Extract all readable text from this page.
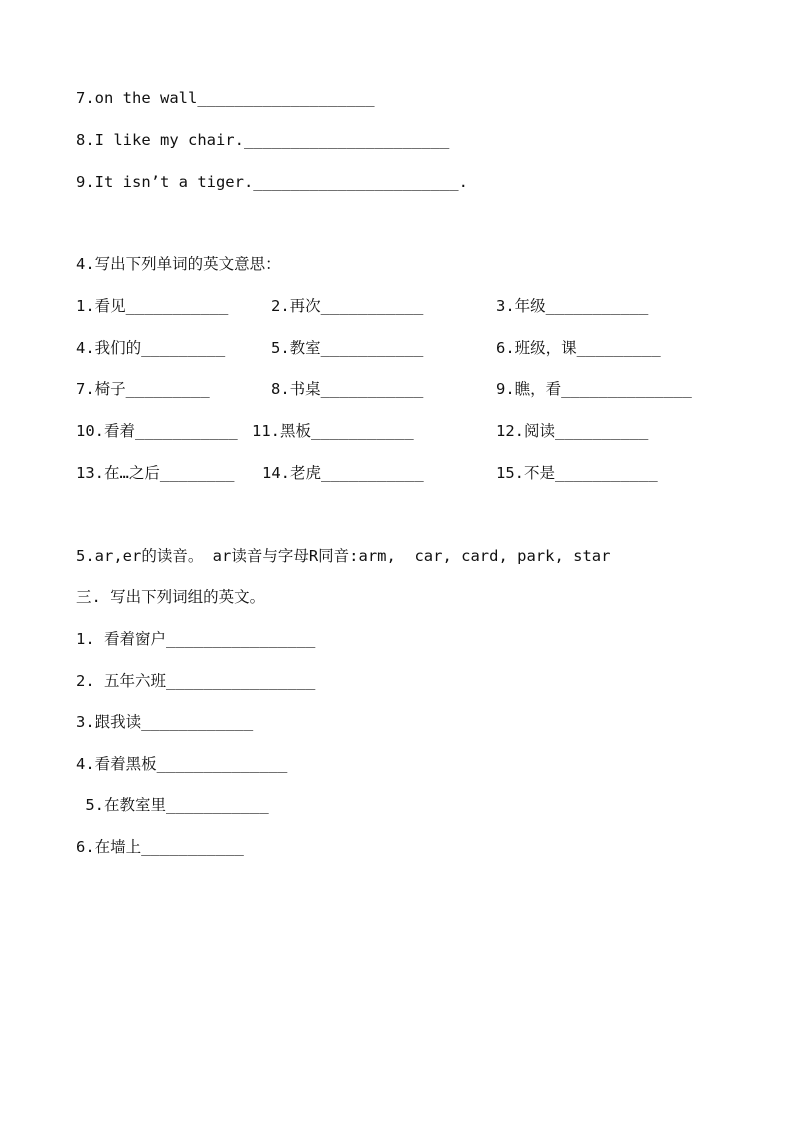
7.on the wall___________________
8.I like my chair.______________________
9.It isn’t a tiger.______________________.
4.写出下列单词的英文意思：
1.看见___________	2.再次___________	3.年级___________
4.我们的_________	5.教室___________	6.班级，课_________
7.椅子_________	8.书桌___________	9.瞧，看______________
10.看着___________ 11.黑板___________	12.阅读__________
13.在…之后________ 14.老虎___________	15.不是___________
5.ar,er的读音。 ar读音与字母R同音:arm,  car, card, park, star
三. 写出下列词组的英文。
1. 看着窗户________________
2. 五年六班________________
3.跟我读____________
4.看着黑板______________
5.在教室里___________
6.在墙上___________
